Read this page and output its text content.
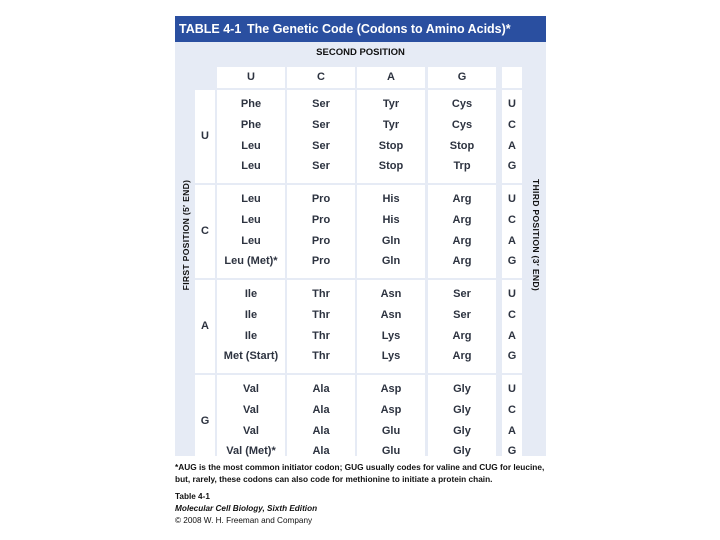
TABLE 4-1 The Genetic Code (Codons to Amino Acids)*
SECOND POSITION
U	C	A	G
U
Phe	Ser	Tyr	Cys	U
Phe	Ser	Tyr	Cys	C
Leu	Ser	Stop	Stop	A
Leu	Ser	Stop	Trp	G
C
Leu	Pro	His	Arg	U
Leu	Pro	His	Arg	C
Leu	Pro	Gln	Arg	A
Leu (Met)*	Pro	Gln	Arg	G
A
Ile	Thr	Asn	Ser	U
Ile	Thr	Asn	Ser	C
Ile	Thr	Lys	Arg	A
Met (Start)	Thr	Lys	Arg	G
G
Val	Ala	Asp	Gly	U
Val	Ala	Asp	Gly	C
Val	Ala	Glu	Gly	A
Val (Met)*	Ala	Glu	Gly	G
FIRST POSITION (5′ END)	THIRD POSITION (3′ END)
*AUG is the most common initiator codon; GUG usually codes for valine and CUG for leucine, but, rarely, these codons can also code for methionine to initiate a protein chain.
Table 4-1
Molecular Cell Biology, Sixth Edition
© 2008 W. H. Freeman and Company
